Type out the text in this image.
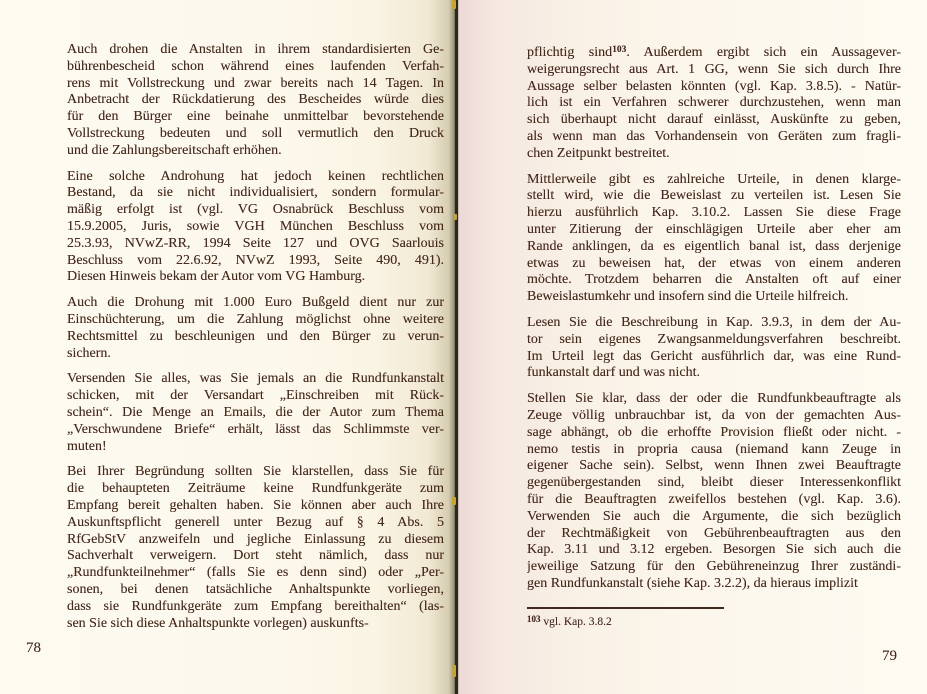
Auch drohen die Anstalten in ihrem standardisierten Ge-
bührenbescheid schon während eines laufenden Verfah-
rens mit Vollstreckung und zwar bereits nach 14 Tagen. In
Anbetracht der Rückdatierung des Bescheides würde dies
für den Bürger eine beinahe unmittelbar bevorstehende
Vollstreckung bedeuten und soll vermutlich den Druck
und die Zahlungsbereitschaft erhöhen.
Eine solche Androhung hat jedoch keinen rechtlichen
Bestand, da sie nicht individualisiert, sondern formular-
mäßig erfolgt ist (vgl. VG Osnabrück Beschluss vom
15.9.2005, Juris, sowie VGH München Beschluss vom
25.3.93, NVwZ-RR, 1994 Seite 127 und OVG Saarlouis
Beschluss vom 22.6.92, NVwZ 1993, Seite 490, 491).
Diesen Hinweis bekam der Autor vom VG Hamburg.
Auch die Drohung mit 1.000 Euro Bußgeld dient nur zur
Einschüchterung, um die Zahlung möglichst ohne weitere
Rechtsmittel zu beschleunigen und den Bürger zu verun-
sichern.
Versenden Sie alles, was Sie jemals an die Rundfunkanstalt
schicken, mit der Versandart „Einschreiben mit Rück-
schein“. Die Menge an Emails, die der Autor zum Thema
„Verschwundene Briefe“ erhält, lässt das Schlimmste ver-
muten!
Bei Ihrer Begründung sollten Sie klarstellen, dass Sie für
die behaupteten Zeiträume keine Rundfunkgeräte zum
Empfang bereit gehalten haben. Sie können aber auch Ihre
Auskunftspflicht generell unter Bezug auf § 4 Abs. 5
RfGebStV anzweifeln und jegliche Einlassung zu diesem
Sachverhalt verweigern. Dort steht nämlich, dass nur
„Rundfunkteilnehmer“ (falls Sie es denn sind) oder „Per-
sonen, bei denen tatsächliche Anhaltspunkte vorliegen,
dass sie Rundfunkgeräte zum Empfang bereithalten“ (las-
sen Sie sich diese Anhaltspunkte vorlegen) auskunfts-
pflichtig sind$^{103}$. Außerdem ergibt sich ein Aussagever-
weigerungsrecht aus Art. 1 GG, wenn Sie sich durch Ihre
Aussage selber belasten könnten (vgl. Kap. 3.8.5). - Natür-
lich ist ein Verfahren schwerer durchzustehen, wenn man
sich überhaupt nicht darauf einlässt, Auskünfte zu geben,
als wenn man das Vorhandensein von Geräten zum fragli-
chen Zeitpunkt bestreitet.
Mittlerweile gibt es zahlreiche Urteile, in denen klarge-
stellt wird, wie die Beweislast zu verteilen ist. Lesen Sie
hierzu ausführlich Kap. 3.10.2. Lassen Sie diese Frage
unter Zitierung der einschlägigen Urteile aber eher am
Rande anklingen, da es eigentlich banal ist, dass derjenige
etwas zu beweisen hat, der etwas von einem anderen
möchte. Trotzdem beharren die Anstalten oft auf einer
Beweislastumkehr und insofern sind die Urteile hilfreich.
Lesen Sie die Beschreibung in Kap. 3.9.3, in dem der Au-
tor sein eigenes Zwangsanmeldungsverfahren beschreibt.
Im Urteil legt das Gericht ausführlich dar, was eine Rund-
funkanstalt darf und was nicht.
Stellen Sie klar, dass der oder die Rundfunkbeauftragte als
Zeuge völlig unbrauchbar ist, da von der gemachten Aus-
sage abhängt, ob die erhoffte Provision fließt oder nicht. -
nemo testis in propria causa (niemand kann Zeuge in
eigener Sache sein). Selbst, wenn Ihnen zwei Beauftragte
gegenübergestanden sind, bleibt dieser Interessenkonflikt
für die Beauftragten zweifellos bestehen (vgl. Kap. 3.6).
Verwenden Sie auch die Argumente, die sich bezüglich
der Rechtmäßigkeit von Gebührenbeauftragten aus den
Kap. 3.11 und 3.12 ergeben. Besorgen Sie sich auch die
jeweilige Satzung für den Gebühreneinzug Ihrer zuständi-
gen Rundfunkanstalt (siehe Kap. 3.2.2), da hieraus implizit
$^{103}$ vgl. Kap. 3.8.2
78	79
